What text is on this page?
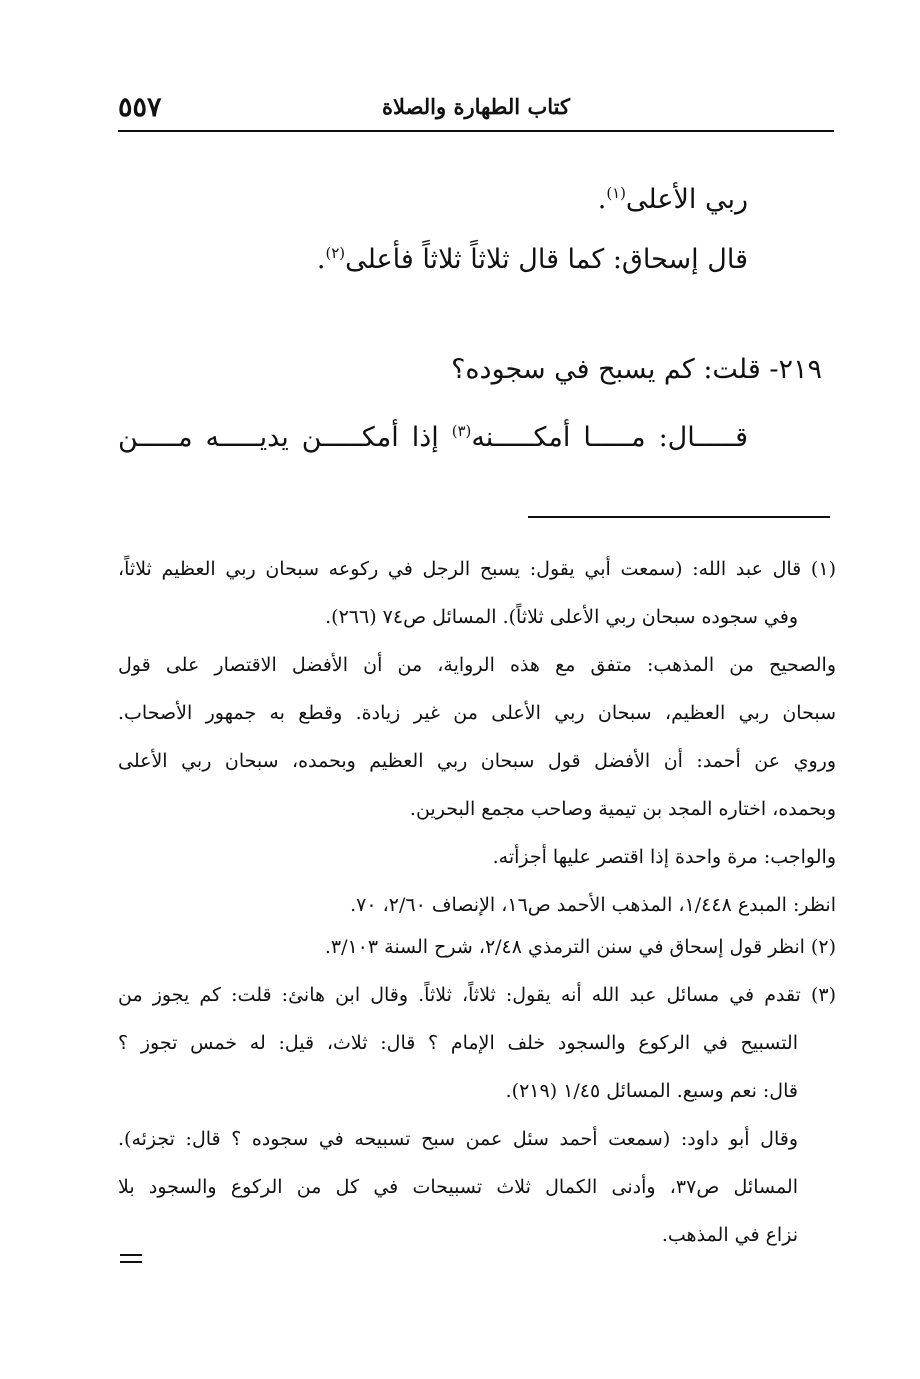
كتاب الطهارة والصلاة
٥٥٧
ربي الأعلى$^{(١)}$.
قال إسحاق: كما قال ثلاثاً ثلاثاً فأعلى$^{(٢)}$.
٢١٩- قلت: كم يسبح في سجوده؟
قـــــال: مـــــا أمكـــــنه$^{(٣)}$ إذا أمكـــــن يديـــــه مـــــن
(١) قال عبد الله: (سمعت أبي يقول: يسبح الرجل في ركوعه سبحان ربي العظيم ثلاثاً،
وفي سجوده سبحان ربي الأعلى ثلاثاً). المسائل ص٧٤ (٢٦٦).
والصحيح من المذهب: متفق مع هذه الرواية، من أن الأفضل الاقتصار على قول
سبحان ربي العظيم، سبحان ربي الأعلى من غير زيادة. وقطع به جمهور الأصحاب.
وروي عن أحمد: أن الأفضل قول سبحان ربي العظيم وبحمده، سبحان ربي الأعلى
وبحمده، اختاره المجد بن تيمية وصاحب مجمع البحرين.
والواجب: مرة واحدة إذا اقتصر عليها أجزأته.
انظر: المبدع ١/٤٤٨، المذهب الأحمد ص١٦، الإنصاف ٢/٦٠، ٧٠.
(٢) انظر قول إسحاق في سنن الترمذي ٢/٤٨، شرح السنة ٣/١٠٣.
(٣) تقدم في مسائل عبد الله أنه يقول: ثلاثاً، ثلاثاً. وقال ابن هانئ: قلت: كم يجوز من
التسبيح في الركوع والسجود خلف الإمام ؟ قال: ثلاث، قيل: له خمس تجوز ؟
قال: نعم وسبع. المسائل ١/٤٥ (٢١٩).
وقال أبو داود: (سمعت أحمد سئل عمن سبح تسبيحه في سجوده ؟ قال: تجزئه).
المسائل ص٣٧، وأدنى الكمال ثلاث تسبيحات في كل من الركوع والسجود بلا
نزاع في المذهب.
